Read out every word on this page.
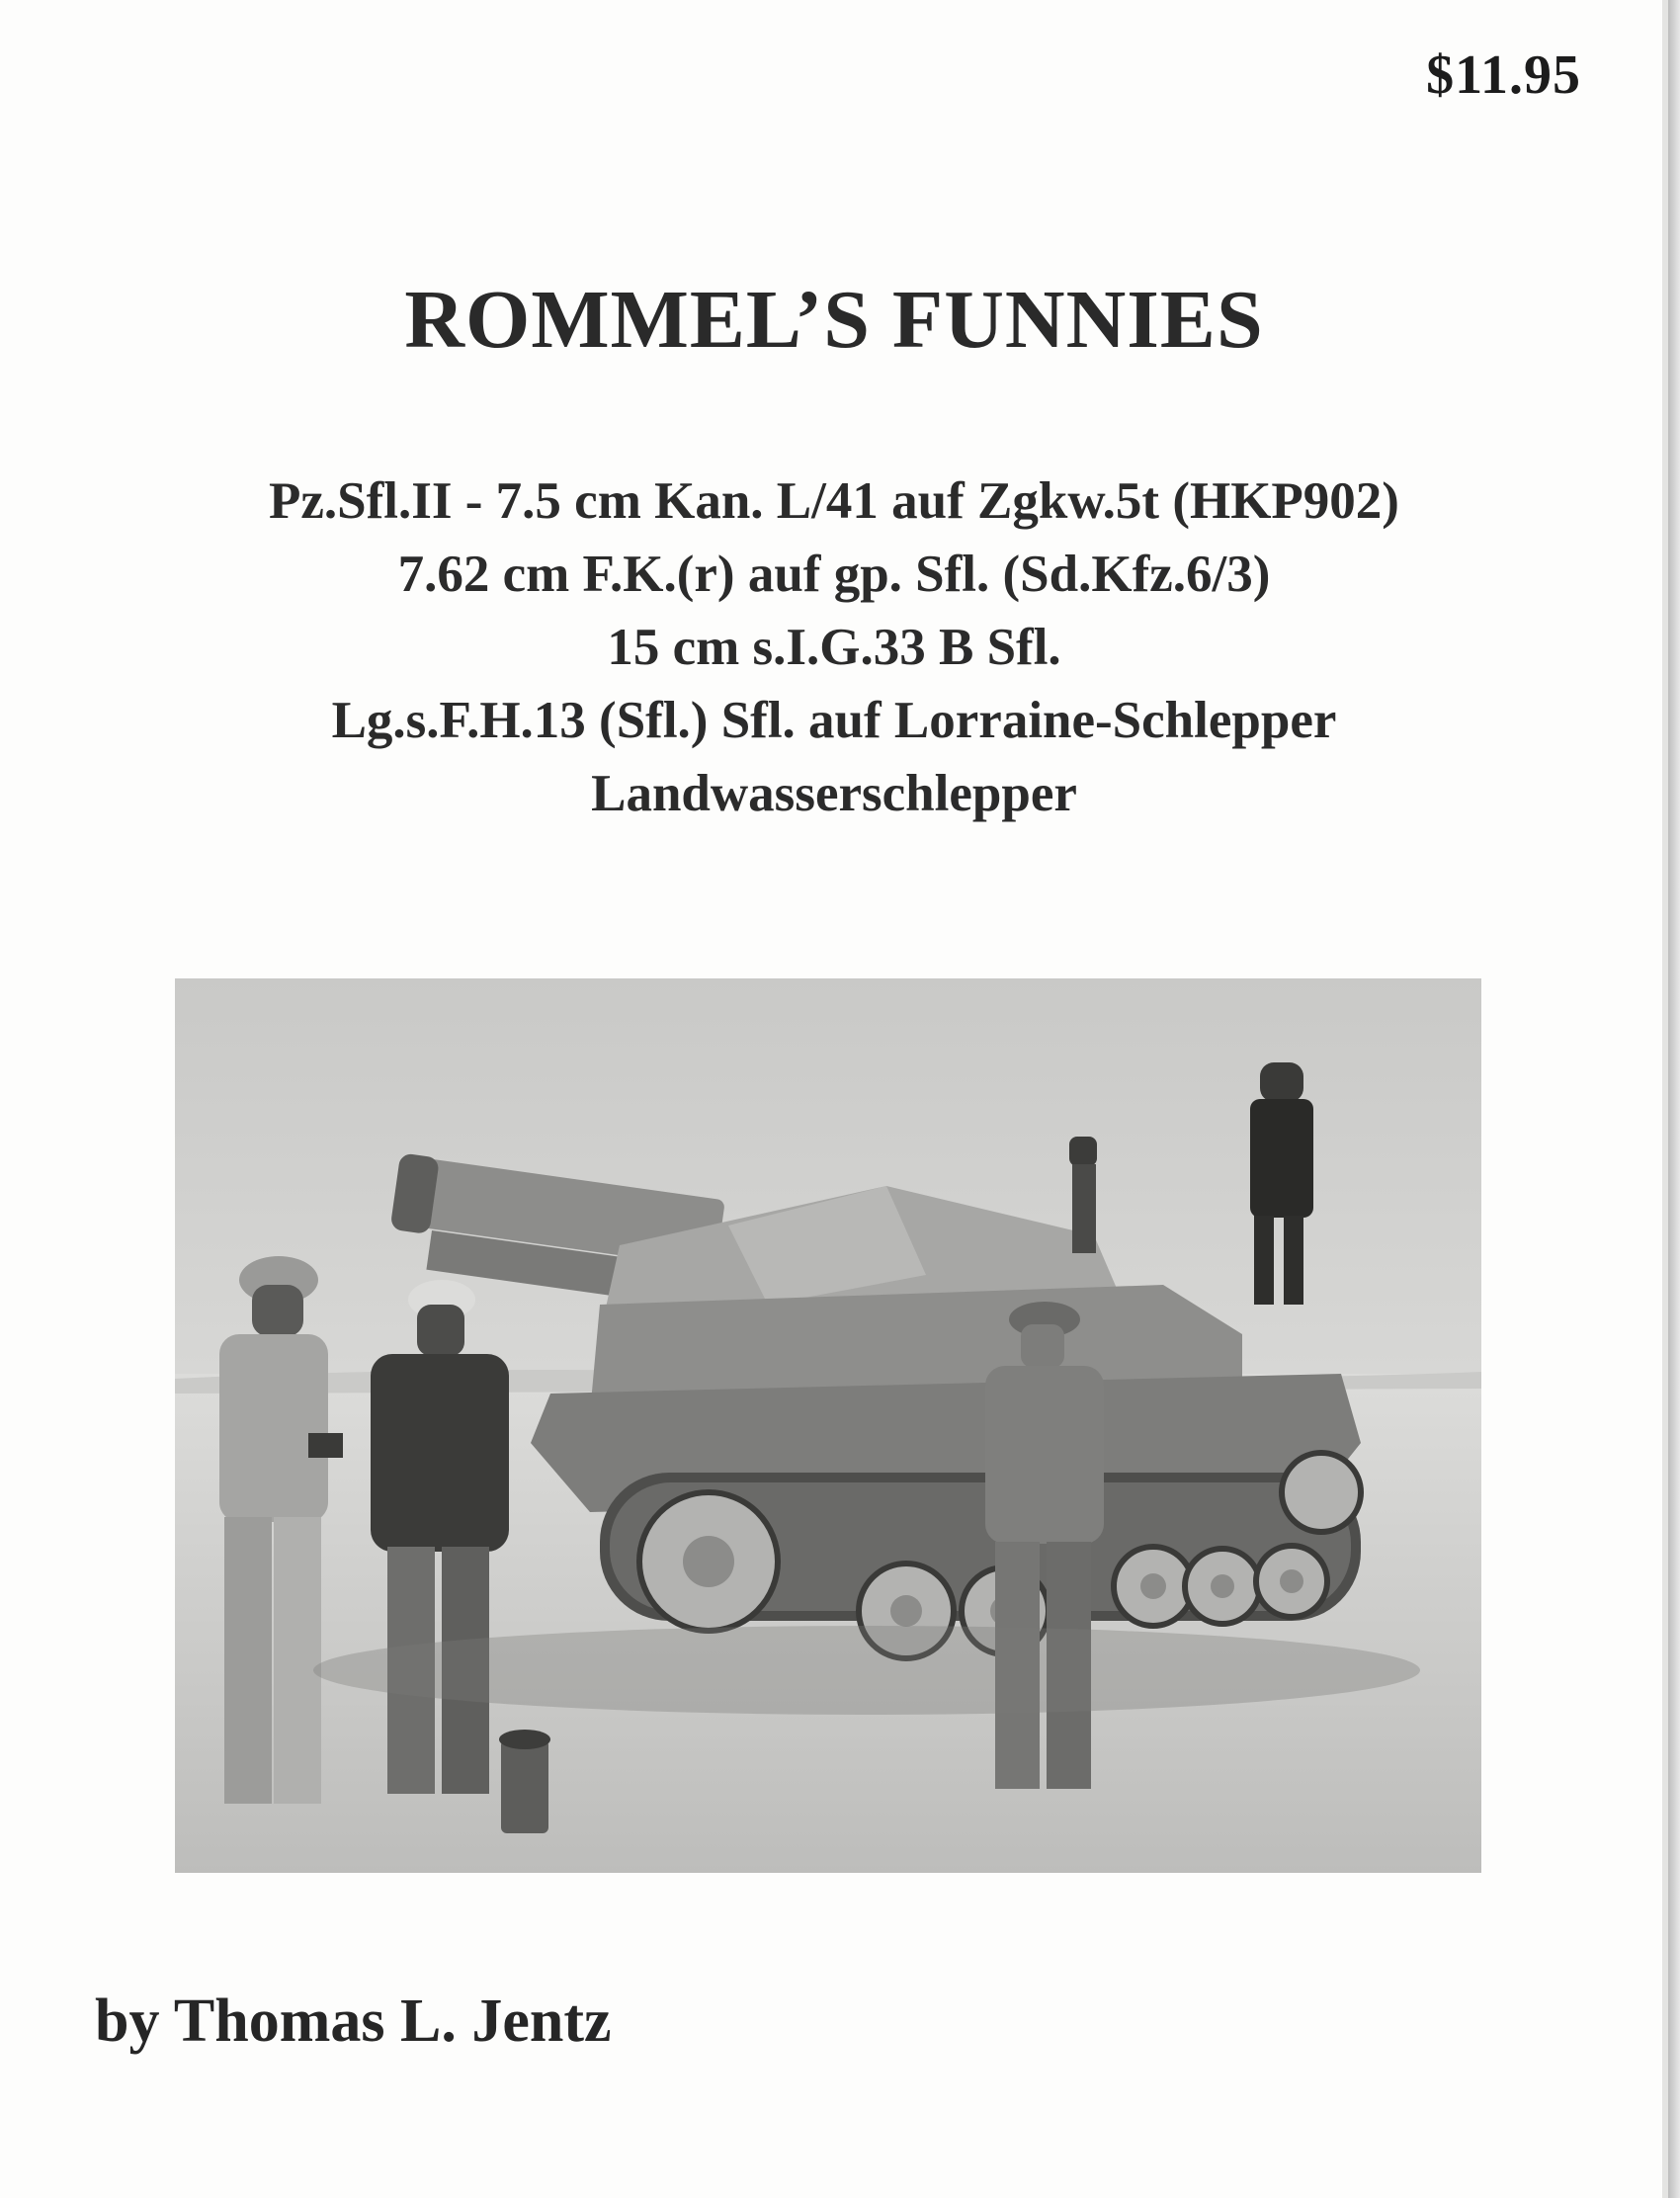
$11.95
ROMMEL’S FUNNIES
Pz.Sfl.II - 7.5 cm Kan. L/41 auf Zgkw.5t (HKP902)
7.62 cm F.K.(r) auf gp. Sfl. (Sd.Kfz.6/3)
15 cm s.I.G.33 B Sfl.
Lg.s.F.H.13 (Sfl.) Sfl. auf Lorraine-Schlepper
Landwasserschlepper
by Thomas L. Jentz
